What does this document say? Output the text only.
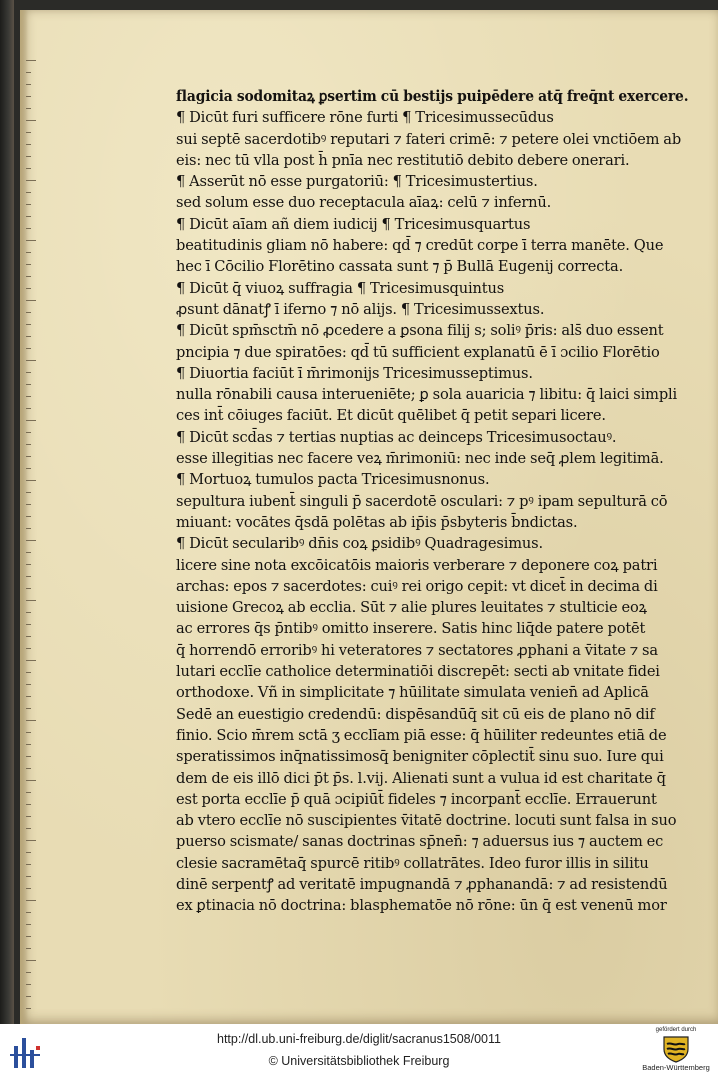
flagicia sodomitaꝝ ꝑsertim cū bestijs puipēdere atq̄ freq̄nt exercere.
¶ Dicūt furi sufficere rōne furti ¶ Tricesimussecūdus
sui septē sacerdotibꝰ reputari ⁊ fateri crimē: ⁊ petere olei vnctiōem ab
eis: nec tū vlla post h̄ pnīa nec restitutiō debito debere onerari.
¶ Asserūt nō esse purgatoriū: ¶ Tricesimustertius.
sed solum esse duo receptacula aīaꝝ: celū ⁊ infernū.
¶ Dicūt aīam añ diem iudicij ¶ Tricesimusquartus
beatitudinis gliam nō habere: qd̄ ⁊ credūt corpe ī terra manēte. Que
hec ī Cōcilio Florētino cassata sunt ⁊ p̄ Bullā Eugenij correcta.
¶ Dicūt q̄ viuoꝝ suffragia ¶ Tricesimusquintus
ꝓsunt dānatꝭ ī iferno ⁊ nō alijs. ¶ Tricesimussextus.
¶ Dicūt spm̄sctm̄ nō ꝓcedere a ꝑsona filij s; soliꝰ p̄ris: als̄ duo essent
pncipia ⁊ due spiratōes: qd̄ tū sufficient explanatū ē ī ɔcilio Florētio
¶ Diuortia faciūt ī m̄rimonijs Tricesimusseptimus.
nulla rōnabili causa interueniēte; ꝑ sola auaricia ⁊ libitu: q̄ laici simpli
ces int̄ cōiuges faciūt. Et dicūt quēlibet q̄ petit separi licere.
¶ Dicūt scd̄as ⁊ tertias nuptias ac deinceps Tricesimusoctauꝰ.
esse illegitias nec facere veꝝ m̄rimoniū: nec inde seq̄ ꝓlem legitimā.
¶ Mortuoꝝ tumulos pacta Tricesimusnonus.
sepultura iubent̄ singuli p̄ sacerdotē osculari: ⁊ pꝰ ipam sepulturā cō
miuant: vocātes q̄sdā polētas ab ip̄is p̄sbyteris b̄ndictas.
¶ Dicūt secularibꝰ dn̄is coꝝ ꝑsidibꝰ Quadragesimus.
licere sine nota excōicatōis maioris verberare ⁊ deponere coꝝ patri
archas: epos ⁊ sacerdotes: cuiꝰ rei origo cepit: vt dicet̄ in decima di
uisione Grecoꝝ ab ecclia. Sūt ⁊ alie plures leuitates ⁊ stulticie eoꝝ
ac errores q̄s p̄ntibꝰ omitto inserere. Satis hinc liq̄de patere potēt
q̄ horrendō erroribꝰ hi veteratores ⁊ sectatores ꝓphani a v̄itate ⁊ sa
lutari ecclīe catholice determinatiōi discrepēt: secti ab vnitate fidei
orthodoxe. Vñ in simplicitate ⁊ hūilitate simulata venien̄ ad Aplicā
Sedē an euestigio credendū: dispēsandūq̄ sit cū eis de plano nō dif
finio. Scio m̄rem sctā ʒ ecclīam piā esse: q̄ hūiliter redeuntes etiā de
speratissimos inq̄natissimosq̄ benigniter cōplectit̄ sinu suo. Iure qui
dem de eis illō dici p̄t p̄s. l.vij. Alienati sunt a vulua id est charitate q̄
est porta ecclīe p̄ quā ɔcipiūt̄ fideles ⁊ incorpant̄ ecclīe. Errauerunt
ab vtero ecclīe nō suscipientes v̄itatē doctrine. locuti sunt falsa in suo
puerso scismate/ sanas doctrinas sp̄nen̄: ⁊ aduersus ius ⁊ auctem ec
clesie sacramētaq̄ spurcē ritibꝰ collatrātes. Ideo furor illis in silitu
dinē serpentꝭ ad veritatē impugnandā ⁊ ꝓphanandā: ⁊ ad resistendū
ex ꝑtinacia nō doctrina: blasphematōe nō rōne: ūn q̄ est venenū mor
http://dl.ub.uni-freiburg.de/diglit/sacranus1508/0011
© Universitätsbibliothek Freiburg
gefördert durch
Baden-Württemberg
